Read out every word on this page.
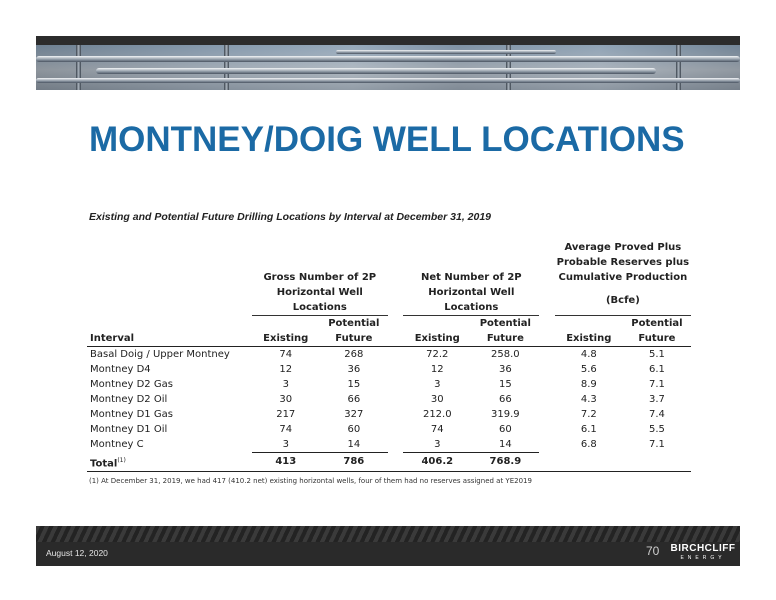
MONTNEY/DOIG WELL LOCATIONS
Existing and Potential Future Drilling Locations by Interval at December 31, 2019
							Average Proved Plus	
							Probable Reserves plus	
	Gross Number of 2P			Net Number of 2P			Cumulative Production	
	Horizontal Well Locations			Horizontal Well Locations			(Bcfe)	
		Potential			Potential			Potential
Interval	Existing	Future		Existing	Future		Existing	Future
Basal Doig / Upper Montney	74	268		72.2	258.0		4.8	5.1
Montney D4	12	36		12	36		5.6	6.1
Montney D2 Gas	3	15		3	15		8.9	7.1
Montney D2 Oil	30	66		30	66		4.3	3.7
Montney D1 Gas	217	327		212.0	319.9		7.2	7.4
Montney D1 Oil	74	60		74	60		6.1	5.5
Montney C	3	14		3	14		6.8	7.1
Total$^{(1)}$	413	786		406.2	768.9			
(1) At December 31, 2019, we had 417 (410.2 net) existing horizontal wells, four of them had no reserves assigned at YE2019
August 12, 2020	70 BIRCHCLIFF
ENERGY
